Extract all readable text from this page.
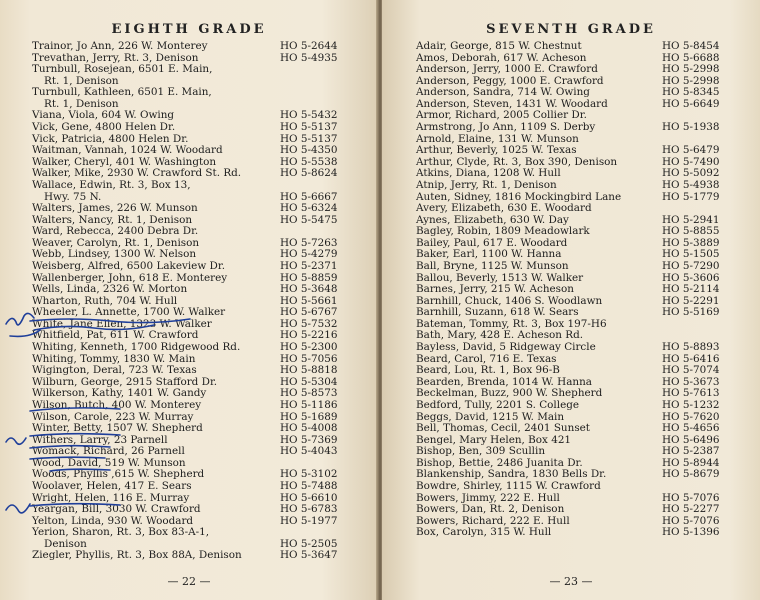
EIGHTH GRADE
Trainor, Jo Ann, 226 W. Monterey	HO 5-2644
Trevathan, Jerry, Rt. 3, Denison	HO 5-4935
Turnbull, Rosejean, 6501 E. Main,
Rt. 1, Denison
Turnbull, Kathleen, 6501 E. Main,
Rt. 1, Denison
Viana, Viola, 604 W. Owing	HO 5-5432
Vick, Gene, 4800 Helen Dr.	HO 5-5137
Vick, Patricia, 4800 Helen Dr.	HO 5-5137
Waitman, Vannah, 1024 W. Woodard	HO 5-4350
Walker, Cheryl, 401 W. Washington	HO 5-5538
Walker, Mike, 2930 W. Crawford St. Rd.	HO 5-8624
Wallace, Edwin, Rt. 3, Box 13,
Hwy. 75 N.	HO 5-6667
Walters, James, 226 W. Munson	HO 5-6324
Walters, Nancy, Rt. 1, Denison	HO 5-5475
Ward, Rebecca, 2400 Debra Dr.
Weaver, Carolyn, Rt. 1, Denison	HO 5-7263
Webb, Lindsey, 1300 W. Nelson	HO 5-4279
Weisberg, Alfred, 6500 Lakeview Dr.	HO 5-2371
Wallenberger, John, 618 E. Monterey	HO 5-8859
Wells, Linda, 2326 W. Morton	HO 5-3648
Wharton, Ruth, 704 W. Hull	HO 5-5661
Wheeler, L. Annette, 1700 W. Walker	HO 5-6767
White, Jane Ellen, 1323 W. Walker	HO 5-7532
Whitfield, Pat, 611 W. Crawford	HO 5-2216
Whiting, Kenneth, 1700 Ridgewood Rd.	HO 5-2300
Whiting, Tommy, 1830 W. Main	HO 5-7056
Wigington, Deral, 723 W. Texas	HO 5-8818
Wilburn, George, 2915 Stafford Dr.	HO 5-5304
Wilkerson, Kathy, 1401 W. Gandy	HO 5-8573
Wilson, Butch, 400 W. Monterey	HO 5-1186
Wilson, Carole, 223 W. Murray	HO 5-1689
Winter, Betty, 1507 W. Shepherd	HO 5-4008
Withers, Larry, 23 Parnell	HO 5-7369
Womack, Richard, 26 Parnell	HO 5-4043
Wood, David, 519 W. Munson
Woods, Phyllis ,615 W. Shepherd	HO 5-3102
Woolaver, Helen, 417 E. Sears	HO 5-7488
Wright, Helen, 116 E. Murray	HO 5-6610
Yeargan, Bill, 3030 W. Crawford	HO 5-6783
Yelton, Linda, 930 W. Woodard	HO 5-1977
Yerion, Sharon, Rt. 3, Box 83-A-1,
Denison	HO 5-2505
Ziegler, Phyllis, Rt. 3, Box 88A, Denison	HO 5-3647
— 22 —
SEVENTH GRADE
Adair, George, 815 W. Chestnut	HO 5-8454
Amos, Deborah, 617 W. Acheson	HO 5-6688
Anderson, Jerry, 1000 E. Crawford	HO 5-2998
Anderson, Peggy, 1000 E. Crawford	HO 5-2998
Anderson, Sandra, 714 W. Owing	HO 5-8345
Anderson, Steven, 1431 W. Woodard	HO 5-6649
Armor, Richard, 2005 Collier Dr.
Armstrong, Jo Ann, 1109 S. Derby	HO 5-1938
Arnold, Elaine, 131 W. Munson
Arthur, Beverly, 1025 W. Texas	HO 5-6479
Arthur, Clyde, Rt. 3, Box 390, Denison	HO 5-7490
Atkins, Diana, 1208 W. Hull	HO 5-5092
Atnip, Jerry, Rt. 1, Denison	HO 5-4938
Auten, Sidney, 1816 Mockingbird Lane	HO 5-1779
Avery, Elizabeth, 630 E. Woodard
Aynes, Elizabeth, 630 W. Day	HO 5-2941
Bagley, Robin, 1809 Meadowlark	HO 5-8855
Bailey, Paul, 617 E. Woodard	HO 5-3889
Baker, Earl, 1100 W. Hanna	HO 5-1505
Ball, Bryne, 1125 W. Munson	HO 5-7290
Ballou, Beverly, 1513 W. Walker	HO 5-3606
Barnes, Jerry, 215 W. Acheson	HO 5-2114
Barnhill, Chuck, 1406 S. Woodlawn	HO 5-2291
Barnhill, Suzann, 618 W. Sears	HO 5-5169
Bateman, Tommy, Rt. 3, Box 197-H6
Bath, Mary, 428 E. Acheson Rd.
Bayless, David, 5 Ridgeway Circle	HO 5-8893
Beard, Carol, 716 E. Texas	HO 5-6416
Beard, Lou, Rt. 1, Box 96-B	HO 5-7074
Bearden, Brenda, 1014 W. Hanna	HO 5-3673
Beckelman, Buzz, 900 W. Shepherd	HO 5-7613
Bedford, Tully, 2201 S. College	HO 5-1232
Beggs, David, 1215 W. Main	HO 5-7620
Bell, Thomas, Cecil, 2401 Sunset	HO 5-4656
Bengel, Mary Helen, Box 421	HO 5-6496
Bishop, Ben, 309 Scullin	HO 5-2387
Bishop, Bettie, 2486 Juanita Dr.	HO 5-8944
Blankenship, Sandra, 1830 Bells Dr.	HO 5-8679
Bowdre, Shirley, 1115 W. Crawford
Bowers, Jimmy, 222 E. Hull	HO 5-7076
Bowers, Dan, Rt. 2, Denison	HO 5-2277
Bowers, Richard, 222 E. Hull	HO 5-7076
Box, Carolyn, 315 W. Hull	HO 5-1396
— 23 —
